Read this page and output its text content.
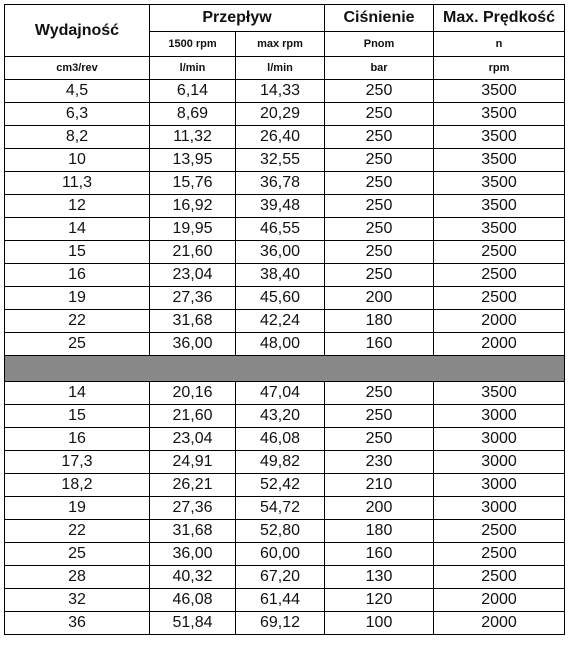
Wydajność	Przepływ		Ciśnienie	Max. Prędkość
	1500 rpm	max rpm	Pnom	n
cm3/rev	l/min	l/min	bar	rpm
4,5	6,14	14,33	250	3500
6,3	8,69	20,29	250	3500
8,2	11,32	26,40	250	3500
10	13,95	32,55	250	3500
11,3	15,76	36,78	250	3500
12	16,92	39,48	250	3500
14	19,95	46,55	250	3500
15	21,60	36,00	250	2500
16	23,04	38,40	250	2500
19	27,36	45,60	200	2500
22	31,68	42,24	180	2000
25	36,00	48,00	160	2000

14	20,16	47,04	250	3500
15	21,60	43,20	250	3000
16	23,04	46,08	250	3000
17,3	24,91	49,82	230	3000
18,2	26,21	52,42	210	3000
19	27,36	54,72	200	3000
22	31,68	52,80	180	2500
25	36,00	60,00	160	2500
28	40,32	67,20	130	2500
32	46,08	61,44	120	2000
36	51,84	69,12	100	2000
